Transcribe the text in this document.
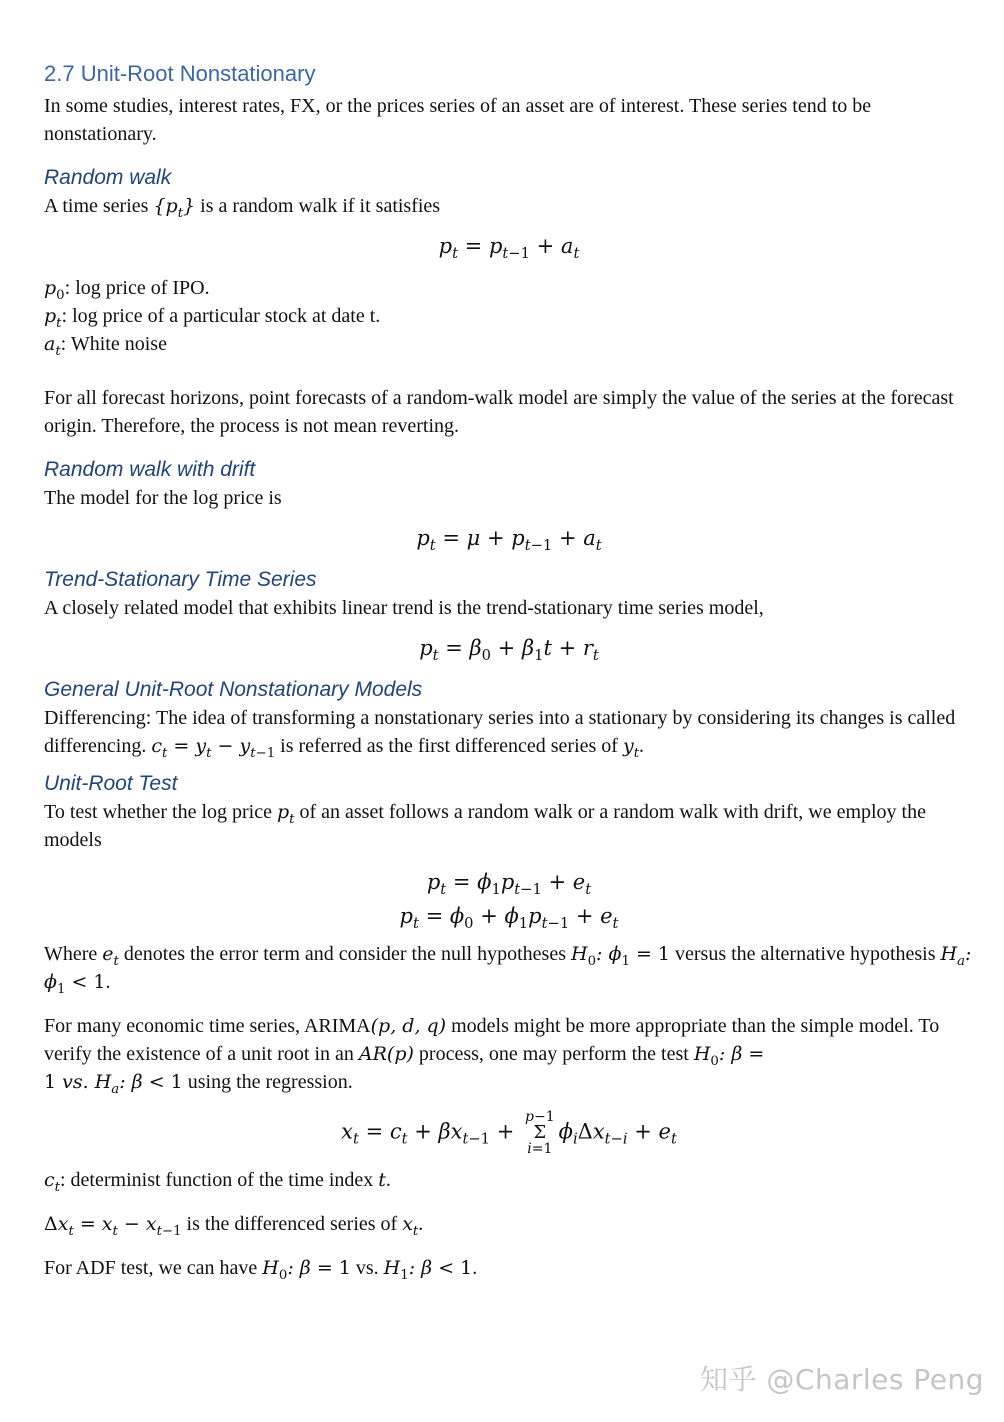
2.7 Unit-Root Nonstationary

In some studies, interest rates, FX, or the prices series of an asset are of interest. These series tend to be nonstationary.

Random walk

A time series $\{p_t\}$ is a random walk if it satisfies

$p_t = p_{t-1} + a_t$
$p_0$: log price of IPO.
$p_t$: log price of a particular stock at date t.
$a_t$: White noise

For all forecast horizons, point forecasts of a random-walk model are simply the value of the series at the forecast origin. Therefore, the process is not mean reverting.

Random walk with drift

The model for the log price is

$p_t = \mu + p_{t-1} + a_t$
Trend-Stationary Time Series

A closely related model that exhibits linear trend is the trend-stationary time series model,

$p_t = \beta_0 + \beta_1t + r_t$
General Unit-Root Nonstationary Models

Differencing: The idea of transforming a nonstationary series into a stationary by considering its changes is called differencing. $c_t = y_t - y_{t-1}$ is referred as the first differenced series of $y_t$.

Unit-Root Test

To test whether the log price $p_t$ of an asset follows a random walk or a random walk with drift, we employ the models

$p_t = \phi_1p_{t-1} + e_t$
$p_t = \phi_0 + \phi_1p_{t-1} + e_t$

Where $e_t$ denotes the error term and consider the null hypotheses $H_0$: $\phi_1 = 1$ versus the alternative hypothesis $H_a$: $\phi_1 < 1$.

For many economic time series, ARIMA(p, d, q) models might be more appropriate than the simple model. To verify the existence of a unit root in an AR(p) process, one may perform the test $H_0$: β =
1 vs. $H_a$: β < 1 using the regression.

$x_t = c_t + \beta x_{t-1} + p-1$
Σ
$i=1\phi_i\Delta x_{t-i} + e_t$

$c_t$: determinist function of the time index t.

$\Delta x_t = x_t - x_{t-1}$ is the differenced series of $x_t$.

For ADF test, we can have $H_0$: β = 1 vs. $H_1$: β < 1.

知乎 @Charles Peng
